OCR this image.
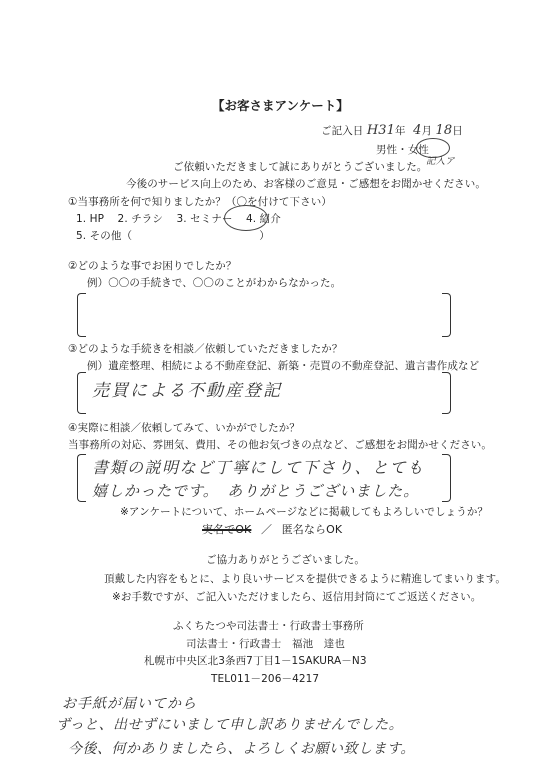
【お客さまアンケート】
ご記入日 H31年 4月 18日
男性・女性
記入ア
ご依頼いただきまして誠にありがとうございました。
今後のサービス向上のため、お客様のご意見・ご感想をお聞かせください。
①当事務所を何で知りましたか？（〇を付けて下さい）
1. HP 2. チラシ 3. セミナー 4. 紹介
5. その他（　　　　　　　　　　　　）
②どのような事でお困りでしたか？
例）〇〇の手続きで、〇〇のことがわからなかった。
③どのような手続きを相談／依頼していただきましたか？
例）遺産整理、相続による不動産登記、新築・売買の不動産登記、遺言書作成など
売買による不動産登記
④実際に相談／依頼してみて、いかがでしたか？
当事務所の対応、雰囲気、費用、その他お気づきの点など、ご感想をお聞かせください。
書類の説明など丁寧にして下さり、とても
嬉しかったです。　ありがとうございました。
※アンケートについて、ホームページなどに掲載してもよろしいでしょうか？
実名でOK ／ 匿名ならOK
ご協力ありがとうございました。
頂戴した内容をもとに、より良いサービスを提供できるように精進してまいります。
※お手数ですが、ご記入いただけましたら、返信用封筒にてご返送ください。
ふくちたつや司法書士・行政書士事務所
司法書士・行政書士　福池　達也
札幌市中央区北3条西7丁目1－1SAKURA－N3
TEL011－206－4217
お手紙が届いてから
ずっと、出せずにいまして申し訳ありませんでした。
今後、何かありましたら、よろしくお願い致します。
